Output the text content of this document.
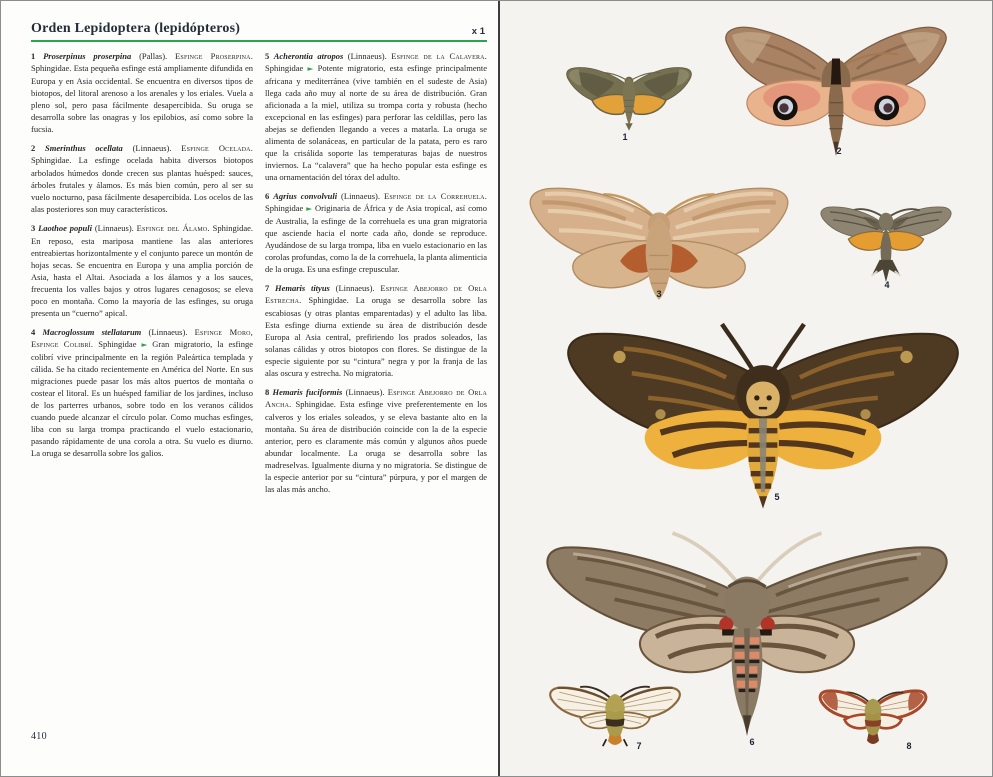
Orden Lepidoptera (lepidópteros)	x 1

1 Proserpinus proserpina (Pallas). Esfinge Proserpina. Sphingidae. Esta pequeña esfinge está ampliamente difundida en Europa y en Asia occidental. Se encuentra en diversos tipos de biotopos, del litoral arenoso a los arenales y los eriales. Vuela a pleno sol, pero pasa fácilmente desapercibida. Su oruga se desarrolla sobre las onagras y los epilobios, así como sobre la fucsia.

2 Smerinthus ocellata (Linnaeus). Esfinge Ocelada. Sphingidae. La esfinge ocelada habita diversos biotopos arbolados húmedos donde crecen sus plantas huésped: sauces, árboles frutales y álamos. Es más bien común, pero al ser su vuelo nocturno, pasa fácilmente desapercibida. Los ocelos de las alas posteriores son muy característicos.

3 Laothoe populi (Linnaeus). Esfinge del Álamo. Sphingidae. En reposo, esta mariposa mantiene las alas anteriores entreabiertas horizontalmente y el conjunto parece un montón de hojas secas. Se encuentra en Europa y una amplia porción de Asia, hasta el Altai. Asociada a los álamos y a los sauces, frecuenta los valles bajos y otros lugares cenagosos; se eleva poco en montaña. Como la mayoría de las esfinges, su oruga presenta un “cuerno” apical.

4 Macroglossum stellatarum (Linnaeus). Esfinge Moro, Esfinge Colibrí. Sphingidae ► Gran migratorio, la esfinge colibrí vive principalmente en la región Paleártica templada y cálida. Se ha citado recientemente en América del Norte. En sus migraciones puede pasar los más altos puertos de montaña o costear el litoral. Es un huésped familiar de los jardines, incluso de los parterres urbanos, sobre todo en los veranos cálidos cuando puede alcanzar el círculo polar. Como muchas esfinges, liba con su larga trompa practicando el vuelo estacionario, pasando rápidamente de una corola a otra. Su vuelo es diurno. La oruga se desarrolla sobre los galios.

5 Acherontia atropos (Linnaeus). Esfinge de la Calavera. Sphingidae ► Potente migratorio, esta esfinge principalmente africana y mediterránea (vive también en el sudeste de Asia) llega cada año muy al norte de su área de distribución. Gran aficionada a la miel, utiliza su trompa corta y robusta (hecho excepcional en las esfinges) para perforar las celdillas, pero las abejas se defienden llegando a veces a matarla. La oruga se alimenta de solanáceas, en particular de la patata, pero es raro que la crisálida soporte las temperaturas bajas de nuestros inviernos. La “calavera” que ha hecho popular esta esfinge es una ornamentación del tórax del adulto.

6 Agrius convolvuli (Linnaeus). Esfinge de la Correhuela. Sphingidae ► Originaria de África y de Asia tropical, así como de Australia, la esfinge de la correhuela es una gran migratoria que asciende hacia el norte cada año, donde se reproduce. Ayudándose de su larga trompa, liba en vuelo estacionario en las corolas profundas, como la de la correhuela, la planta alimenticia de la oruga. Es una esfinge crepuscular.

7 Hemaris tityus (Linnaeus). Esfinge Abejorro de Orla Estrecha. Sphingidae. La oruga se desarrolla sobre las escabiosas (y otras plantas emparentadas) y el adulto las liba. Esta esfinge diurna extiende su área de distribución desde Europa al Asia central, prefiriendo los prados soleados, las solanas cálidas y otros biotopos con flores. Se distingue de la especie siguiente por su “cintura” negra y por la franja de las alas oscura y estrecha. No migratoria.

8 Hemaris fuciformis (Linnaeus). Esfinge Abejorro de Orla Ancha. Sphingidae. Esta esfinge vive preferentemente en los calveros y los eriales soleados, y se eleva bastante alto en la montaña. Su área de distribución coincide con la de la especie anterior, pero es claramente más común y algunos años puede abundar localmente. La oruga se desarrolla sobre las madreselvas. Igualmente diurna y no migratoria. Se distingue de la especie anterior por su “cintura” púrpura, y por el margen de las alas más ancho.

410
1
2
3
4
5
6
7	8
